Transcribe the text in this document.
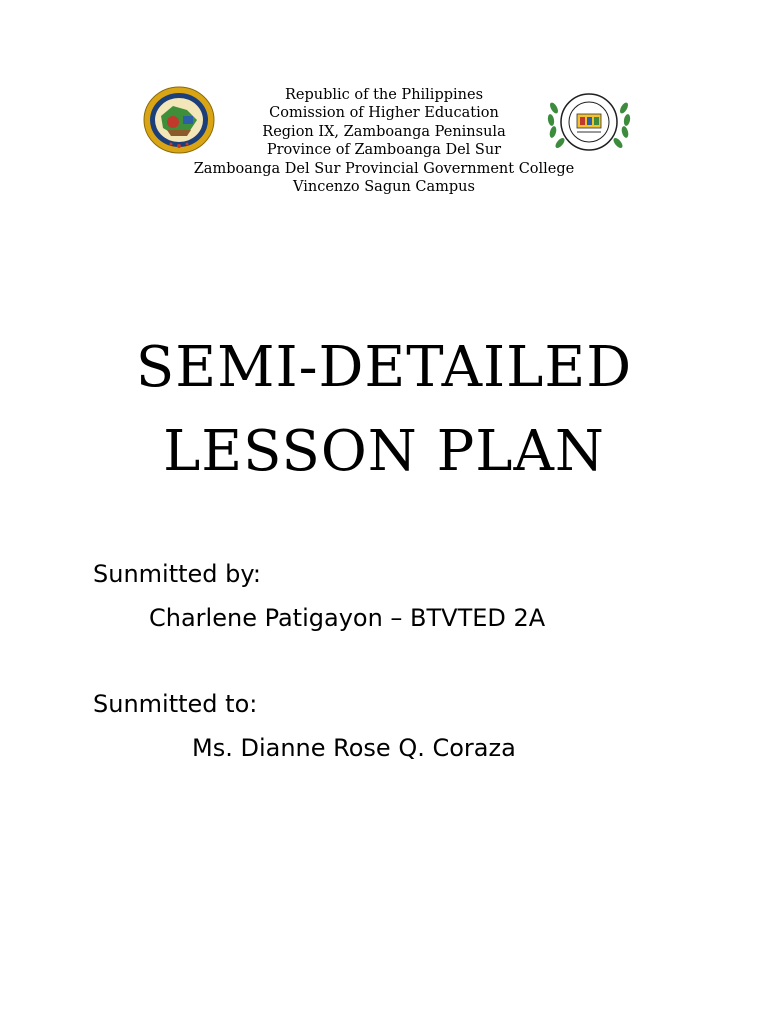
Republic of the Philippines
Comission of Higher Education
Region IX, Zamboanga Peninsula
Province of Zamboanga Del Sur
Zamboanga Del Sur Provincial Government College
Vincenzo Sagun Campus
SEMI-DETAILED
LESSON PLAN
Sunmitted by:
Charlene Patigayon – BTVTED 2A
Sunmitted to:
Ms. Dianne Rose Q. Coraza
